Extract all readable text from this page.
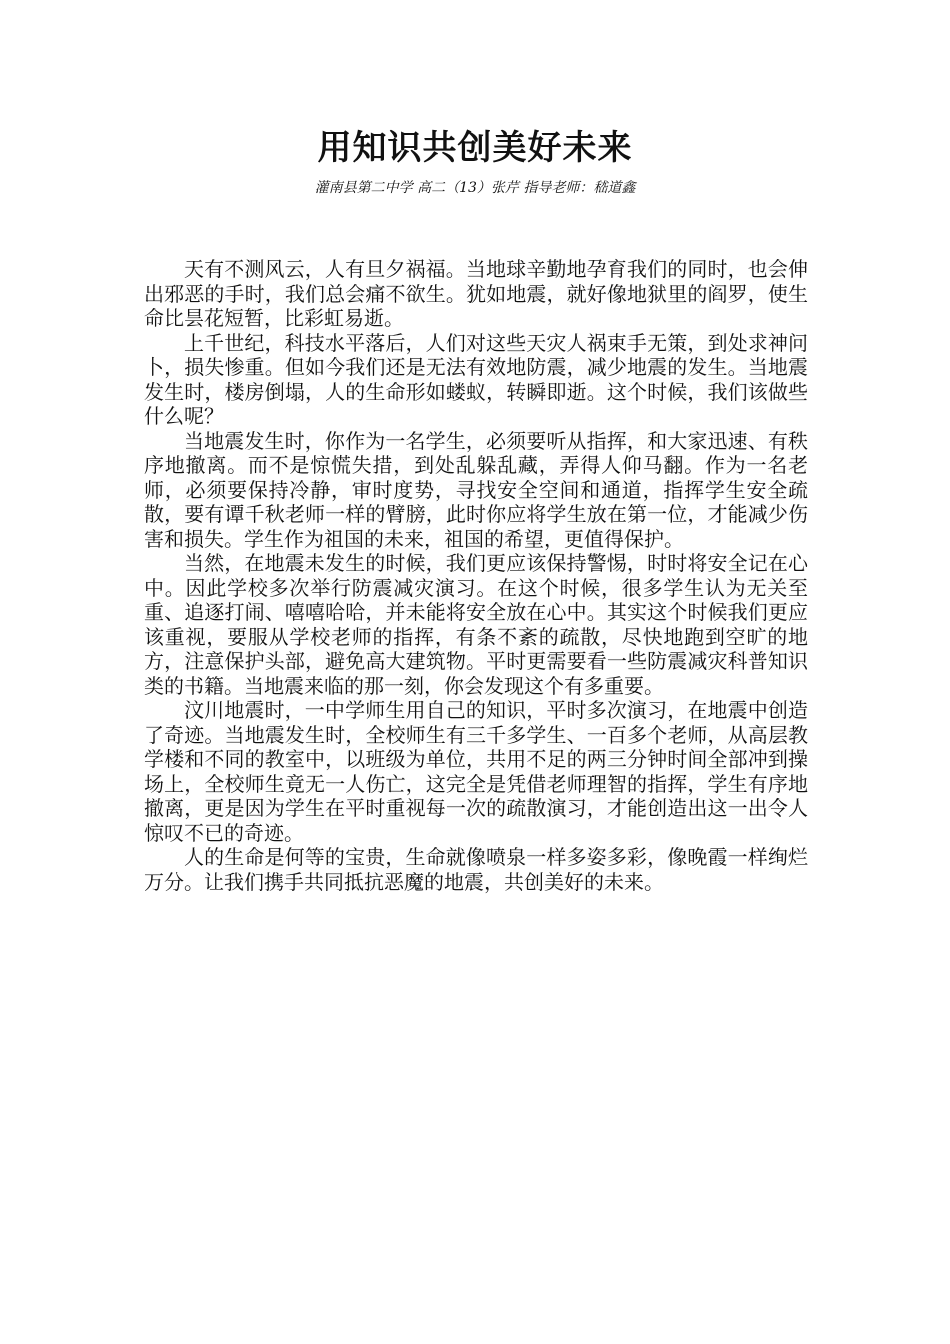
用知识共创美好未来
灌南县第二中学 高二（13）张芹 指导老师：嵇道鑫

天有不测风云，人有旦夕祸福。当地球辛勤地孕育我们的同时，也会伸出邪恶的手时，我们总会痛不欲生。犹如地震，就好像地狱里的阎罗，使生命比昙花短暂，比彩虹易逝。

上千世纪，科技水平落后，人们对这些天灾人祸束手无策，到处求神问卜，损失惨重。但如今我们还是无法有效地防震，减少地震的发生。当地震发生时，楼房倒塌，人的生命形如蝼蚁，转瞬即逝。这个时候，我们该做些什么呢？

当地震发生时，你作为一名学生，必须要听从指挥，和大家迅速、有秩序地撤离。而不是惊慌失措，到处乱躲乱藏，弄得人仰马翻。作为一名老师，必须要保持冷静，审时度势，寻找安全空间和通道，指挥学生安全疏散，要有谭千秋老师一样的臂膀，此时你应将学生放在第一位，才能减少伤害和损失。学生作为祖国的未来，祖国的希望，更值得保护。

当然，在地震未发生的时候，我们更应该保持警惕，时时将安全记在心中。因此学校多次举行防震减灾演习。在这个时候，很多学生认为无关至重、追逐打闹、嘻嘻哈哈，并未能将安全放在心中。其实这个时候我们更应该重视，要服从学校老师的指挥，有条不紊的疏散，尽快地跑到空旷的地方，注意保护头部，避免高大建筑物。平时更需要看一些防震减灾科普知识类的书籍。当地震来临的那一刻，你会发现这个有多重要。

汶川地震时，一中学师生用自己的知识，平时多次演习，在地震中创造了奇迹。当地震发生时，全校师生有三千多学生、一百多个老师，从高层教学楼和不同的教室中，以班级为单位，共用不足的两三分钟时间全部冲到操场上，全校师生竟无一人伤亡，这完全是凭借老师理智的指挥，学生有序地撤离，更是因为学生在平时重视每一次的疏散演习，才能创造出这一出令人惊叹不已的奇迹。

人的生命是何等的宝贵，生命就像喷泉一样多姿多彩，像晚霞一样绚烂万分。让我们携手共同抵抗恶魔的地震，共创美好的未来。
